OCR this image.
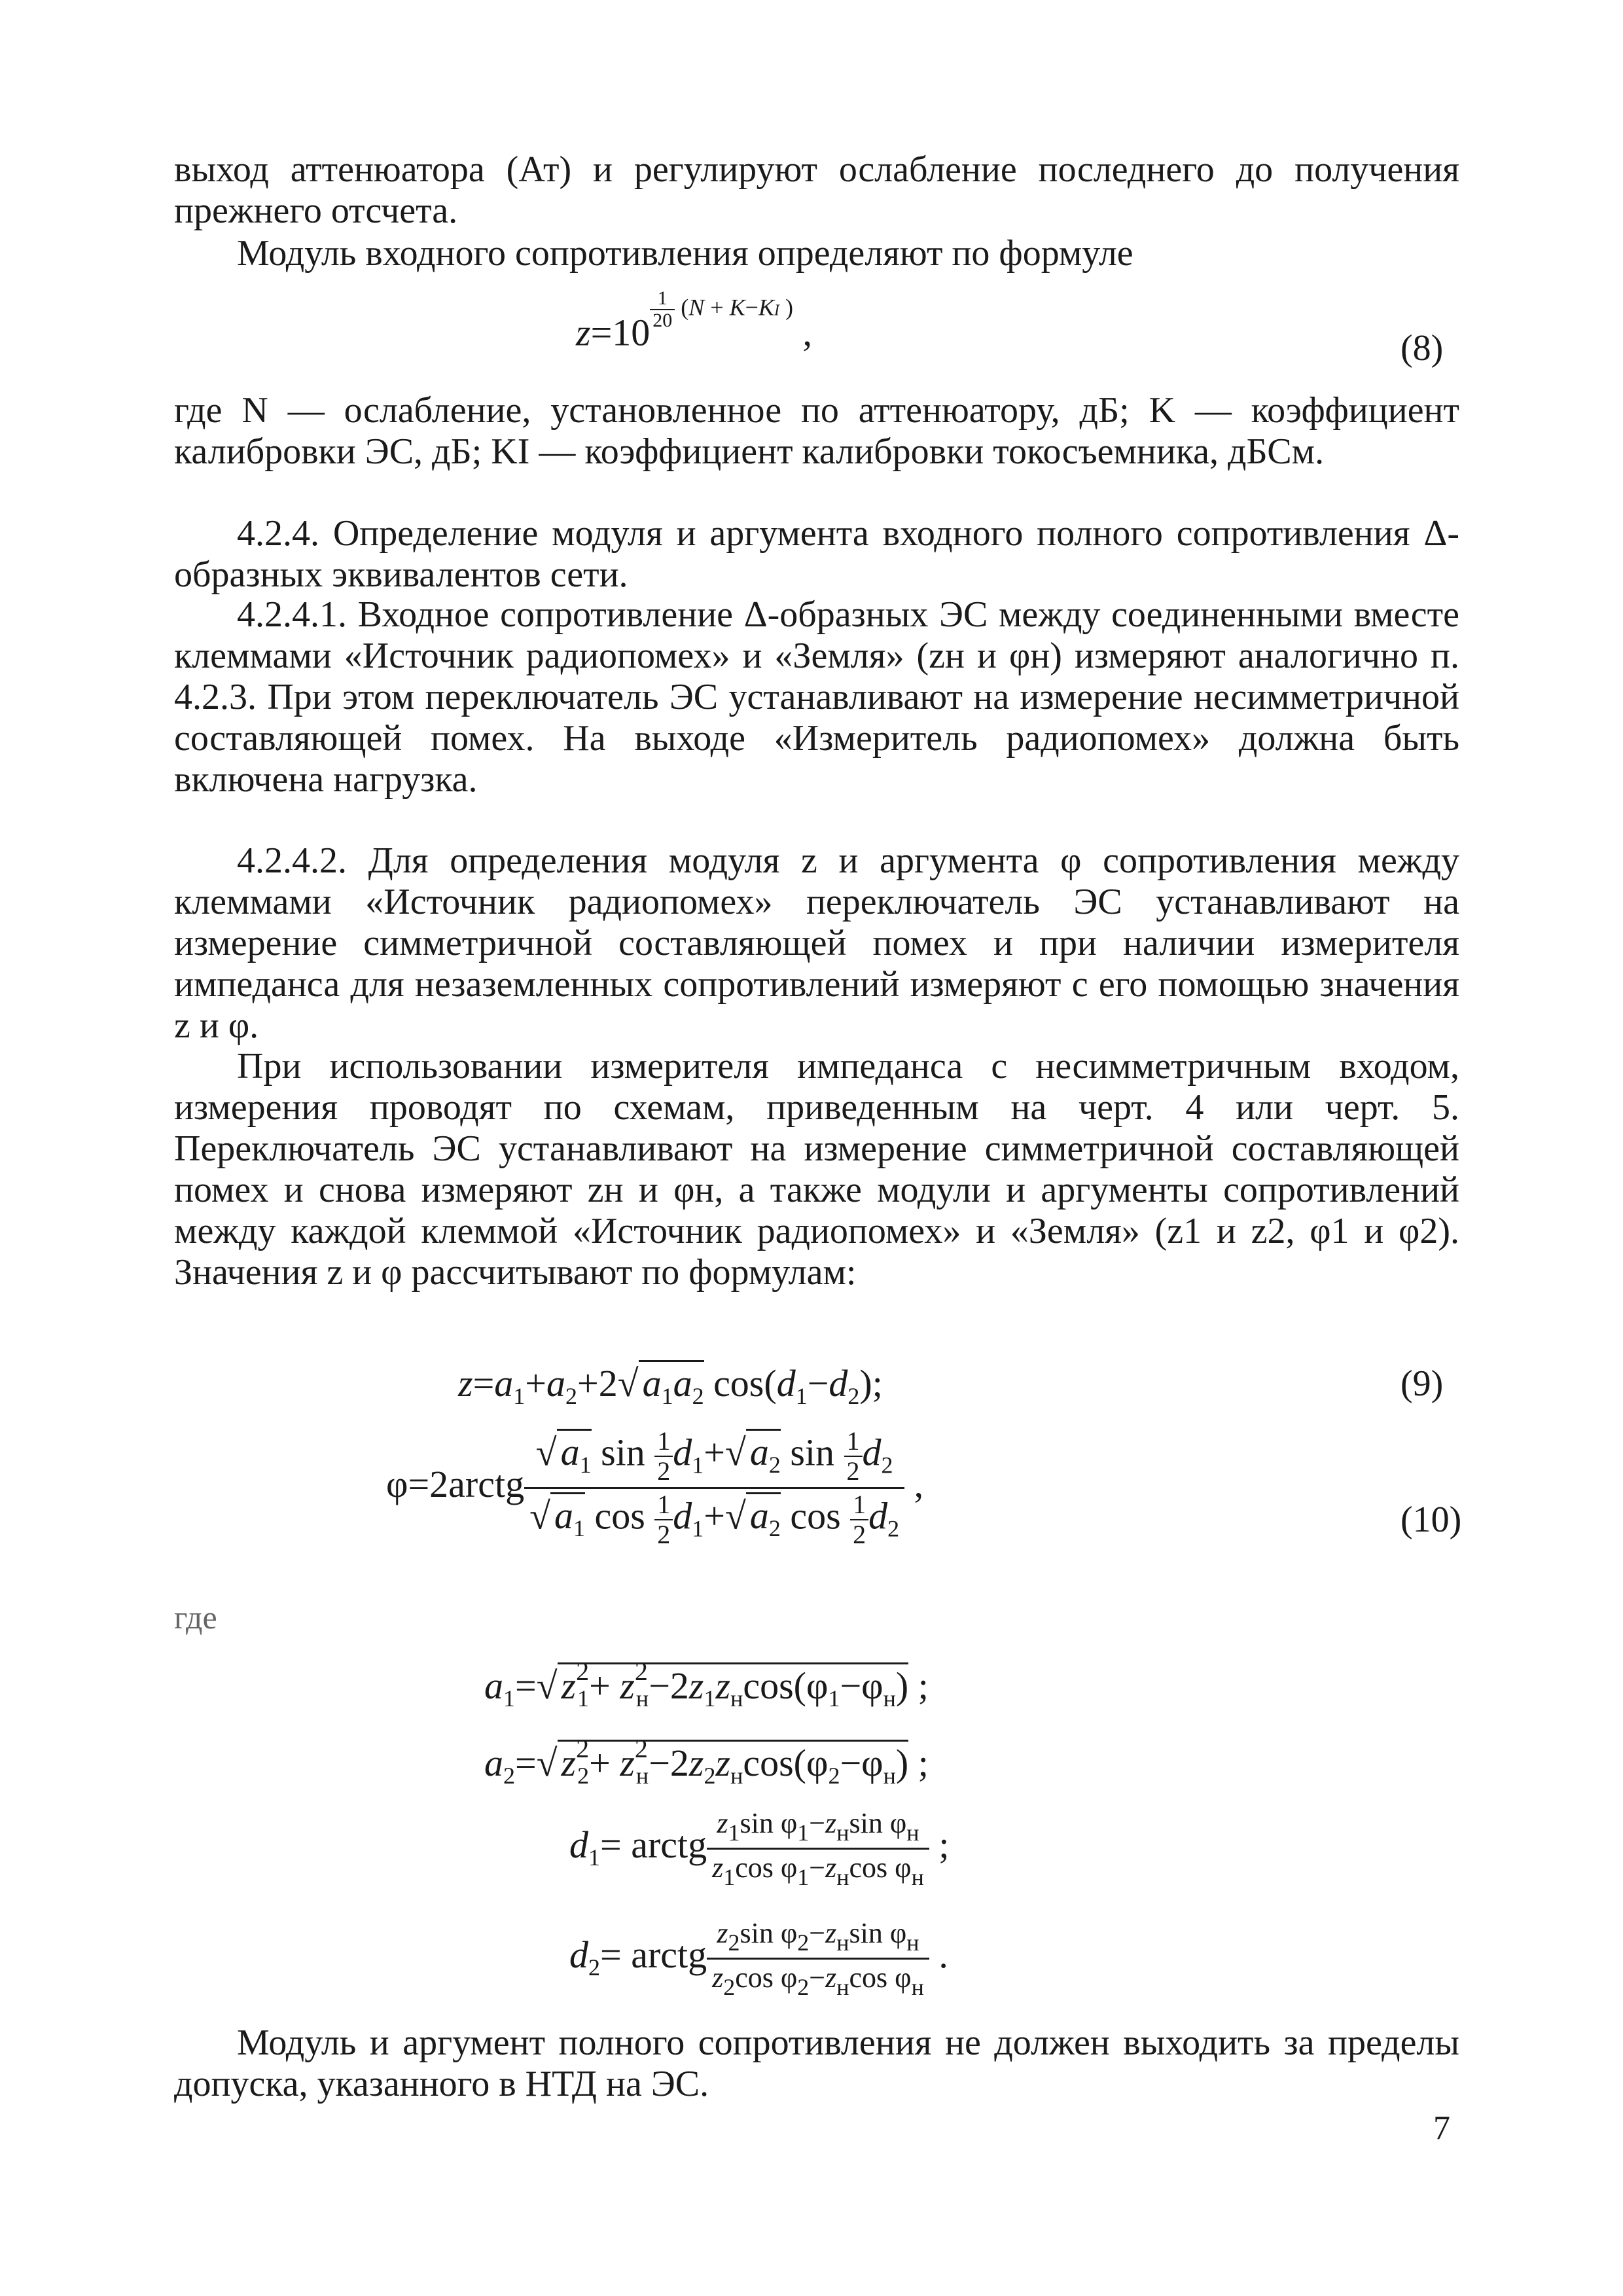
выход аттенюатора (Ат) и регулируют ослабление последнего до получения прежнего отсчета.

Модуль входного сопротивления определяют по формуле

z=10
$\frac{1}{20} (N + K-KI$ ) ,	(8)

где N — ослабление, установленное по аттенюатору, дБ; K — коэффициент калибровки ЭС, дБ; KI — коэффициент калибровки токосъемника, дБСм.

4.2.4. Определение модуля и аргумента входного полного сопротивления Δ-образных эквивалентов сети.

4.2.4.1. Входное сопротивление Δ-образных ЭС между соединенными вместе клеммами «Источник радиопомех» и «Земля» (zн и φн) измеряют аналогично п. 4.2.3. При этом переключатель ЭС устанавливают на измерение несимметричной составляющей помех. На выходе «Измеритель радиопомех» должна быть включена нагрузка.

4.2.4.2. Для определения модуля z и аргумента φ сопротивления между клеммами «Источник радиопомех» переключатель ЭС устанавливают на измерение симметричной составляющей помех и при наличии измерителя импеданса для незаземленных сопротивлений измеряют с его помощью значения z и φ.

При использовании измерителя импеданса с несимметричным входом, измерения проводят по схемам, приведенным на черт. 4 или черт. 5. Переключатель ЭС устанавливают на измерение симметричной составляющей помех и снова измеряют zн и φн, а также модули и аргументы сопротивлений между каждой клеммой «Источник радиопомех» и «Земля» (z1 и z2, φ1 и φ2). Значения z и φ рассчитывают по формулам:

$z=a_1+a_2+2√$ $a_1a_2$ $\cos(d_1-d_2)$;	(9)
φ=2arctg $\frac{√ a_1 \sin \frac{1}{2} d_1+√ a_2 \sin \frac{1}{2} d_2}{√ a_1 \cos \frac{1}{2} d_1+√ a_2 \cos \frac{1}{2} d_2}$ ,
(10)
где
$a_1=√$ $z^2_1+ z^2_н-2z_1z_н\cos(\varphi_1-\varphi_н)$ ;
$a_2=√$ $z^2_2+ z^2_н-2z_2z_н\cos(\varphi_2-\varphi_н)$ ;
$d_1=$ arctg $\frac{z_1\sin \varphi_1-z_н\sin \varphi_н}{z_1\cos \varphi_1-z_н\cos \varphi_н}$ ;
$d_2=$ arctg $\frac{z_2\sin \varphi_2-z_н\sin \varphi_н}{z_2\cos \varphi_2-z_н\cos \varphi_н}$ .

Модуль и аргумент полного сопротивления не должен выходить за пределы допуска, указанного в НТД на ЭС.

7
